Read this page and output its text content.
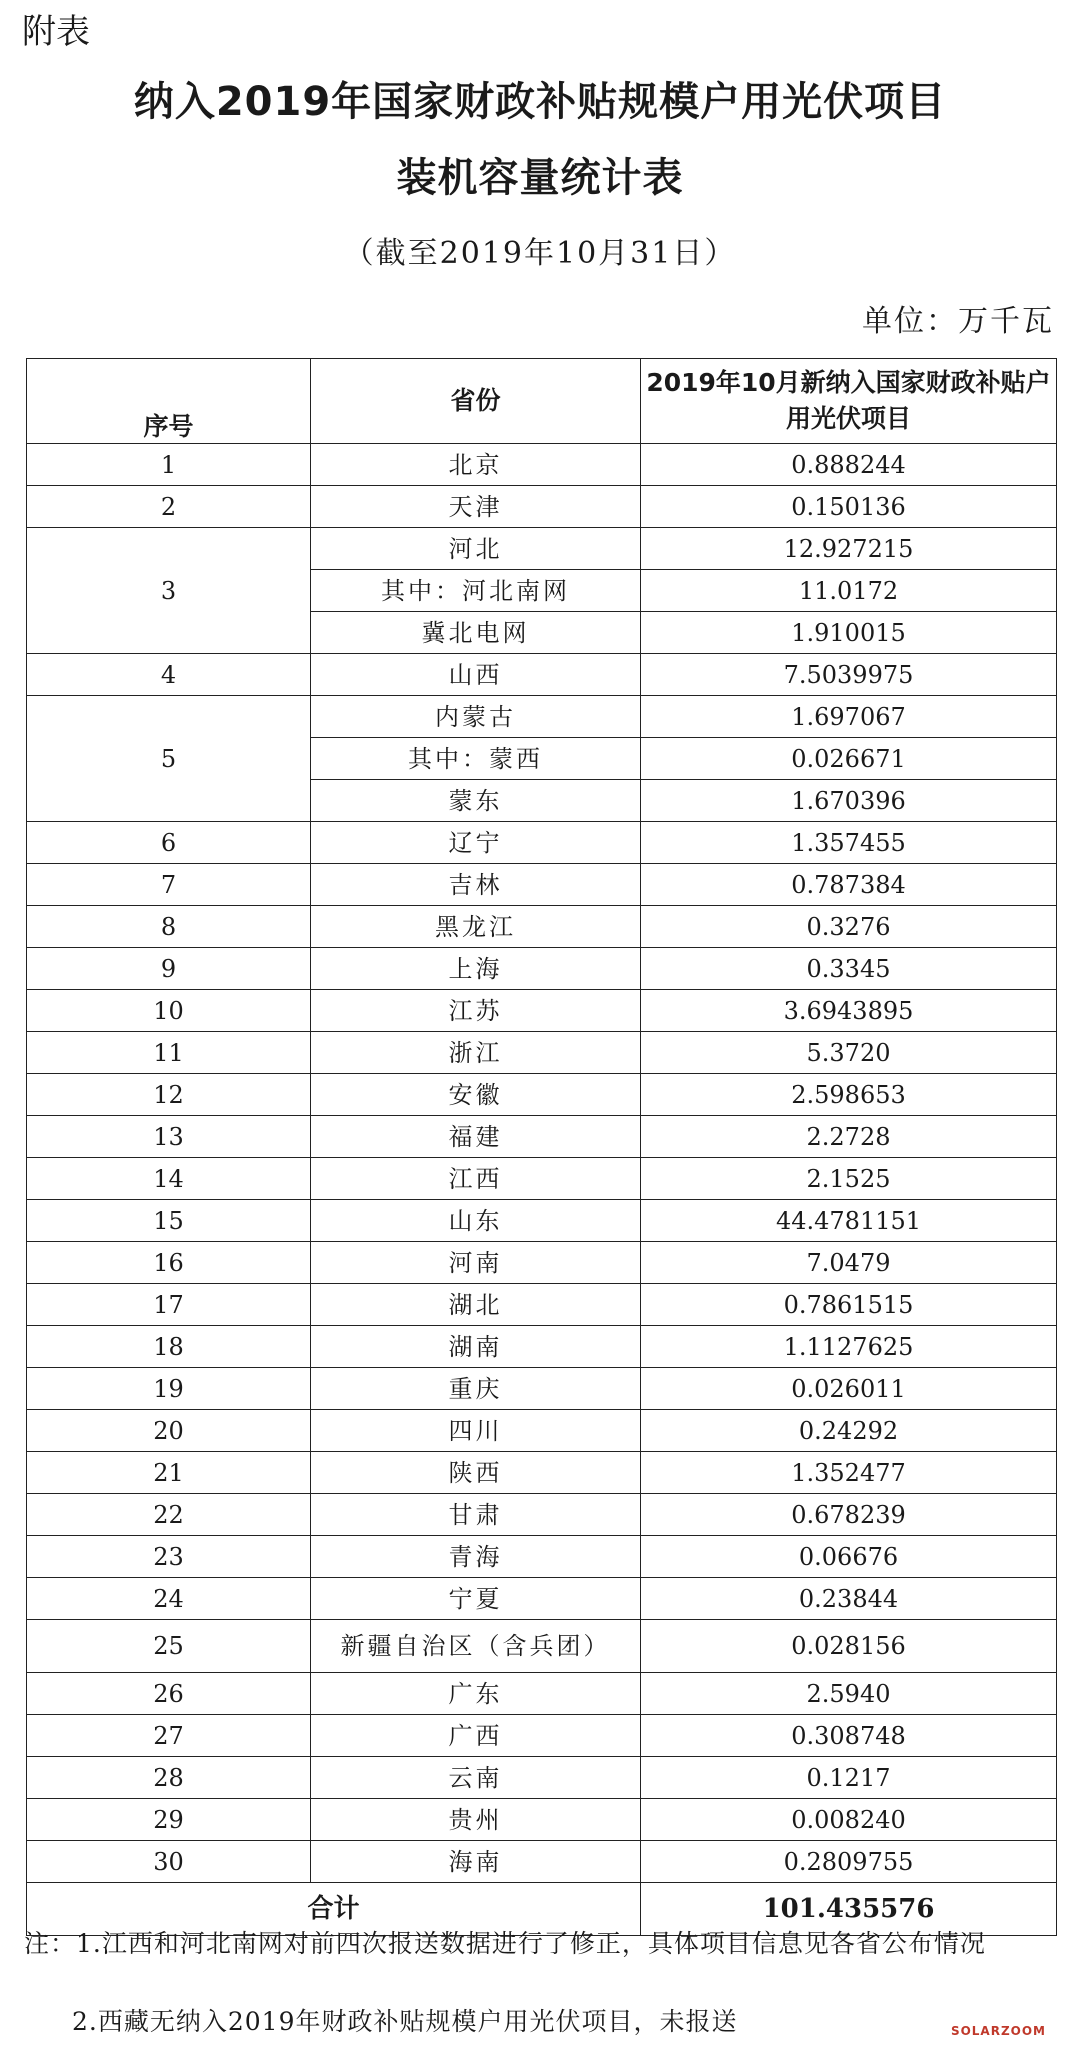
附表
纳入2019年国家财政补贴规模户用光伏项目
装机容量统计表
（截至2019年10月31日）
单位：万千瓦
序号	省份	2019年10月新纳入国家财政补贴户用光伏项目
1	北京	0.888244
2	天津	0.150136
3	河北	12.927215
	其中：河北南网	11.0172
	冀北电网	1.910015
4	山西	7.5039975
5	内蒙古	1.697067
	其中：蒙西	0.026671
	蒙东	1.670396
6	辽宁	1.357455
7	吉林	0.787384
8	黑龙江	0.3276
9	上海	0.3345
10	江苏	3.6943895
11	浙江	5.3720
12	安徽	2.598653
13	福建	2.2728
14	江西	2.1525
15	山东	44.4781151
16	河南	7.0479
17	湖北	0.7861515
18	湖南	1.1127625
19	重庆	0.026011
20	四川	0.24292
21	陕西	1.352477
22	甘肃	0.678239
23	青海	0.06676
24	宁夏	0.23844
25	新疆自治区（含兵团）	0.028156
26	广东	2.5940
27	广西	0.308748
28	云南	0.1217
29	贵州	0.008240
30	海南	0.2809755
合计		101.435576
注：1.江西和河北南网对前四次报送数据进行了修正，具体项目信息见各省公布情况
2.西藏无纳入2019年财政补贴规模户用光伏项目，未报送	SOLARZOOM
